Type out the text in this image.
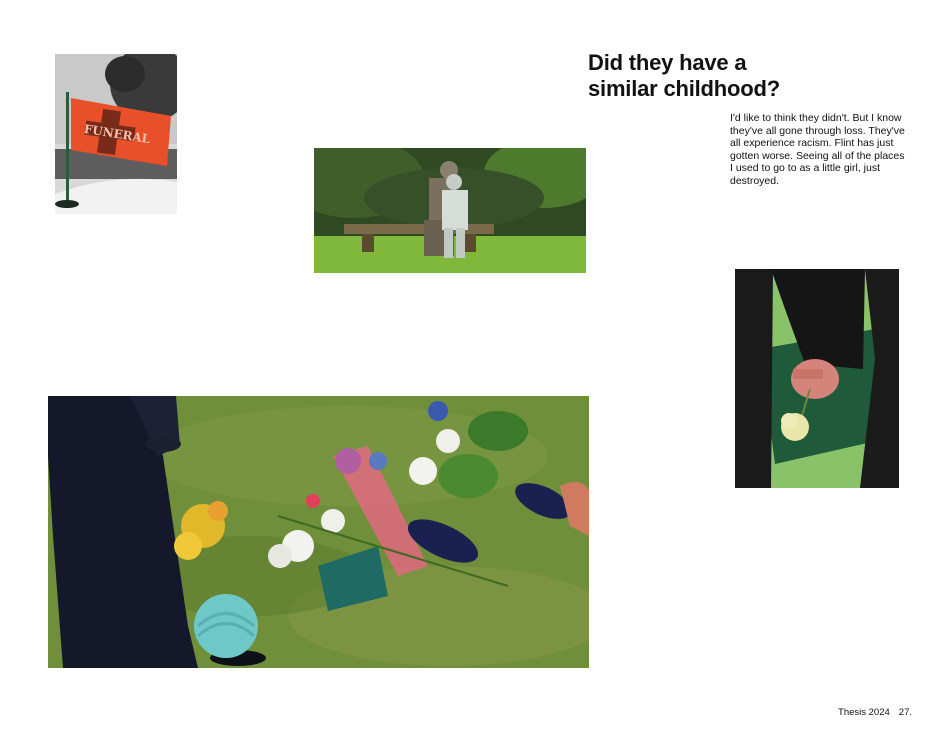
FUNERAL
Did they have a
similar childhood?
I'd like to think they didn't. But I know they've all gone through loss. They've all experience racism. Flint has just gotten worse. Seeing all of the places I used to go to as a little girl, just destroyed.
Thesis 2024 27.
